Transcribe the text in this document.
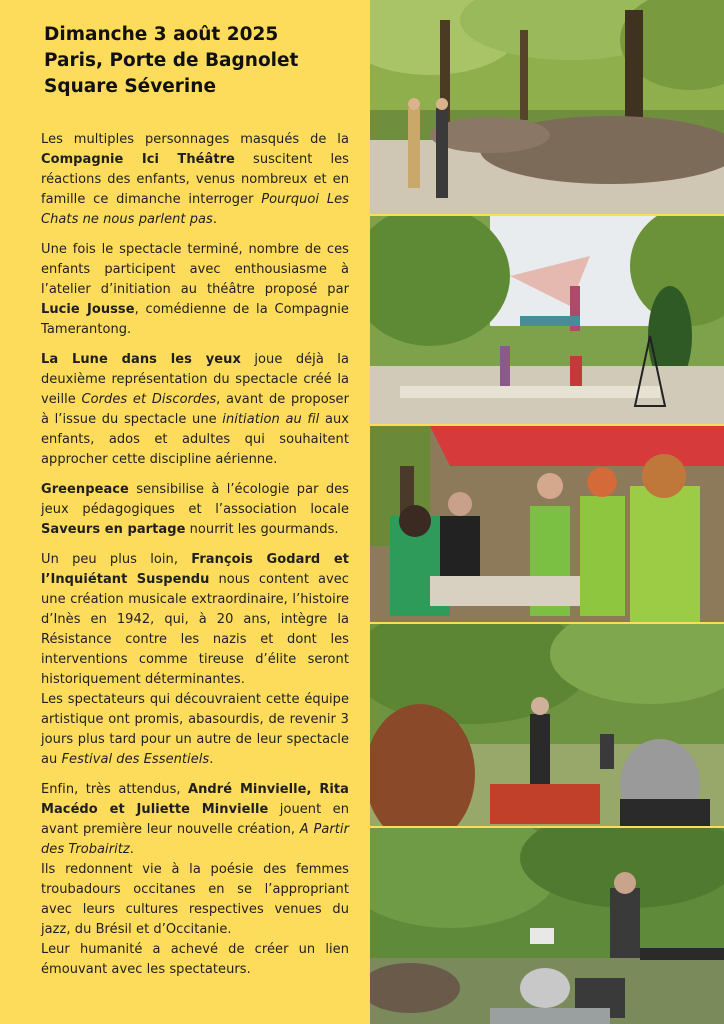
Dimanche 3 août 2025
Paris, Porte de Bagnolet
Square Séverine

Les multiples personnages masqués de la Compagnie Ici Théâtre suscitent les réactions des enfants, venus nombreux et en famille ce dimanche interroger Pourquoi Les Chats ne nous parlent pas.

Une fois le spectacle terminé, nombre de ces enfants participent avec enthousiasme à l’atelier d’initiation au théâtre proposé par Lucie Jousse, comédienne de la Compagnie Tamerantong.

La Lune dans les yeux joue déjà la deuxième représentation du spectacle créé la veille Cordes et Discordes, avant de proposer à l’issue du spectacle une initiation au fil aux enfants, ados et adultes qui souhaitent approcher cette discipline aérienne.

Greenpeace sensibilise à l’écologie par des jeux pédagogiques et l’association locale Saveurs en partage nourrit les gourmands.

Un peu plus loin, François Godard et l’Inquiétant Suspendu nous content avec une création musicale extraordinaire, l’histoire d’Inès en 1942, qui, à 20 ans, intègre la Résistance contre les nazis et dont les interventions comme tireuse d’élite seront historiquement déterminantes.

Les spectateurs qui découvraient cette équipe artistique ont promis, abasourdis, de revenir 3 jours plus tard pour un autre de leur spectacle au Festival des Essentiels.

Enfin, très attendus, André Minvielle, Rita Macédo et Juliette Minvielle jouent en avant première leur nouvelle création, A Partir des Trobairitz.

Ils redonnent vie à la poésie des femmes troubadours occitanes en se l’appropriant avec leurs cultures respectives venues du jazz, du Brésil et d’Occitanie.

Leur humanité a achevé de créer un lien émouvant avec les spectateurs.
